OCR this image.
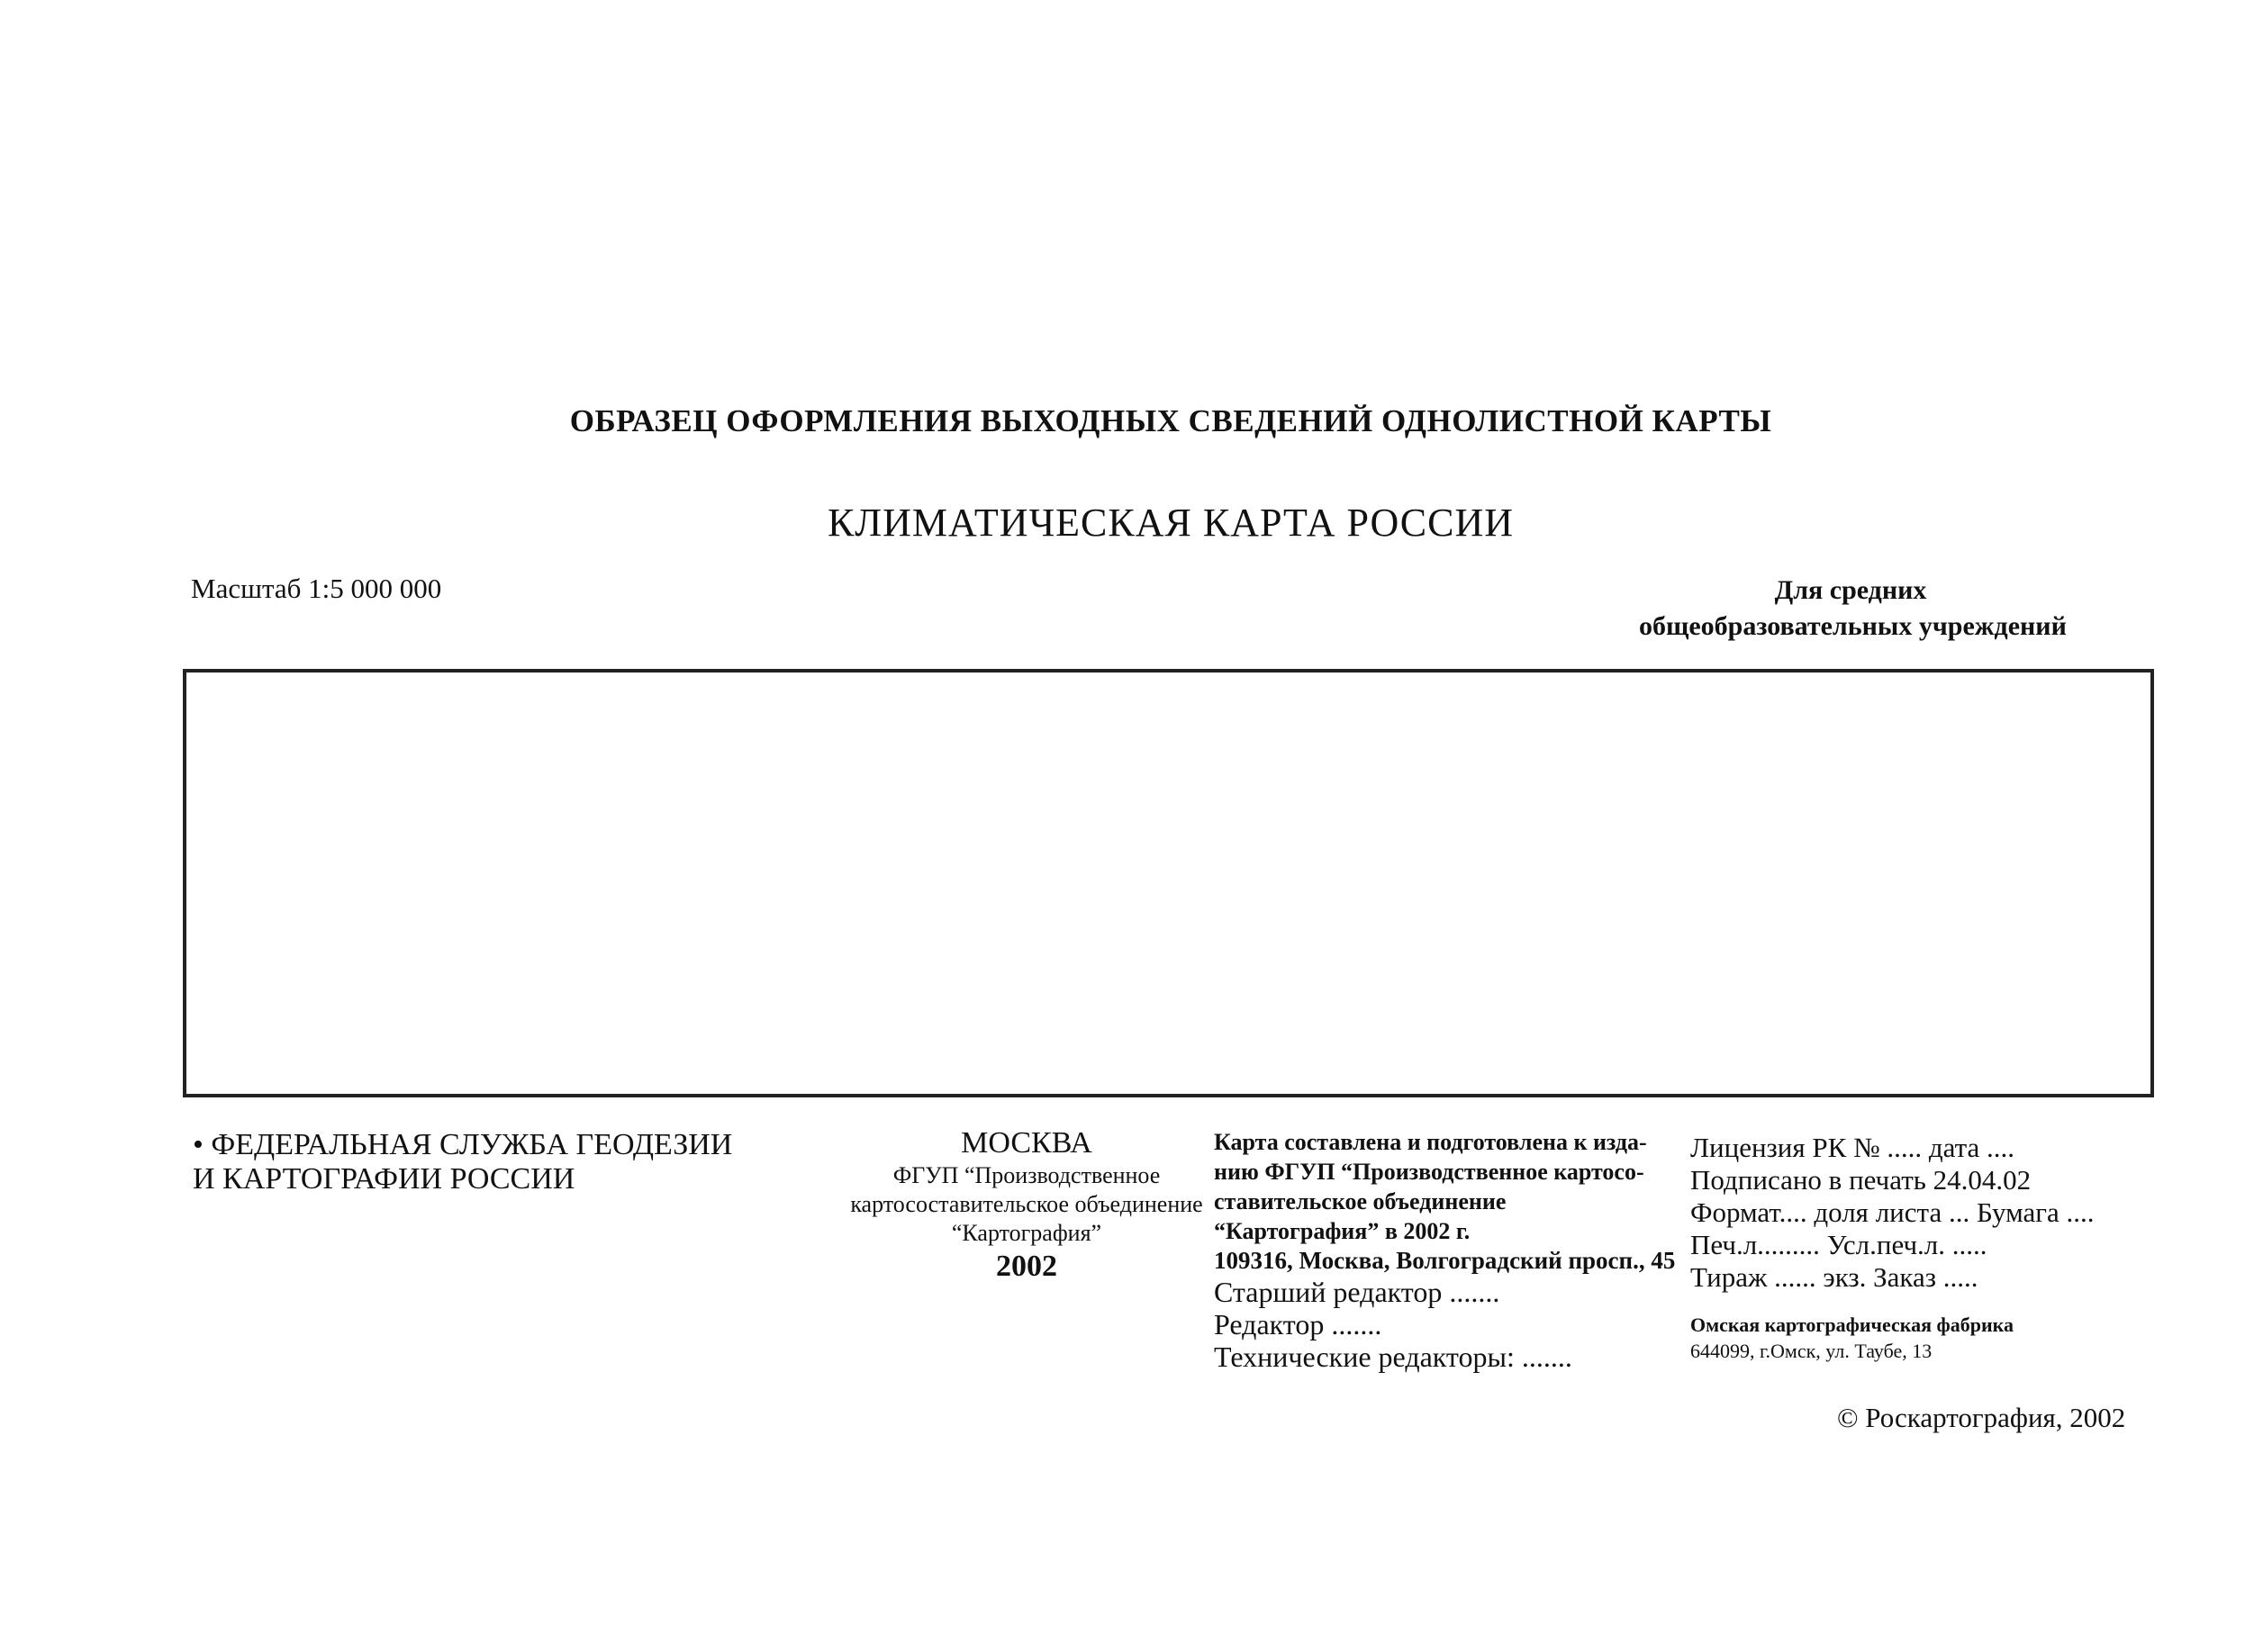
ОБРАЗЕЦ ОФОРМЛЕНИЯ ВЫХОДНЫХ СВЕДЕНИЙ ОДНОЛИСТНОЙ КАРТЫ
КЛИМАТИЧЕСКАЯ КАРТА РОССИИ
Масштаб 1:5 000 000	Для средних
общеобразовательных учреждений
• ФЕДЕРАЛЬНАЯ СЛУЖБА ГЕОДЕЗИИ
И КАРТОГРАФИИ РОССИИ
МОСКВА
ФГУП “Производственное
картосоставительское объединение
“Картография”
2002
Карта составлена и подготовлена к изда-
нию ФГУП “Производственное картосо-
ставительское объединение
“Картография” в 2002 г.
109316, Москва, Волгоградский просп., 45
Старший редактор .......
Редактор .......
Технические редакторы: .......
Лицензия РК № ..... дата ....
Подписано в печать 24.04.02
Формат.... доля листа ... Бумага ....
Печ.л......... Усл.печ.л. .....
Тираж ...... экз. Заказ .....
Омская картографическая фабрика
644099, г.Омск, ул. Таубе, 13
© Роскартография, 2002
